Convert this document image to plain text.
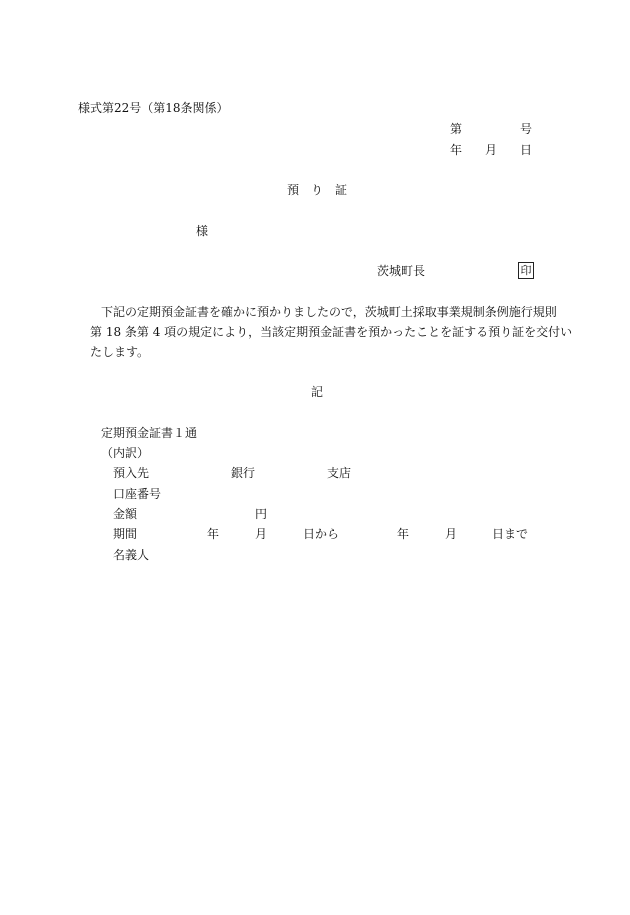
様式第22号（第18条関係）
第	号
年 月 日
預 り 証
様
茨城町長	印
下記の定期預金証書を確かに預かりましたので，茨城町土採取事業規制条例施行規則
第 18 条第 4 項の規定により，当該定期預金証書を預かったことを証する預り証を交付い
たします。
記
定期預金証書１通
（内訳）
預入先	銀行	支店
口座番号
金額	円
期間	年	月	日から	年	月	日まで
名義人
